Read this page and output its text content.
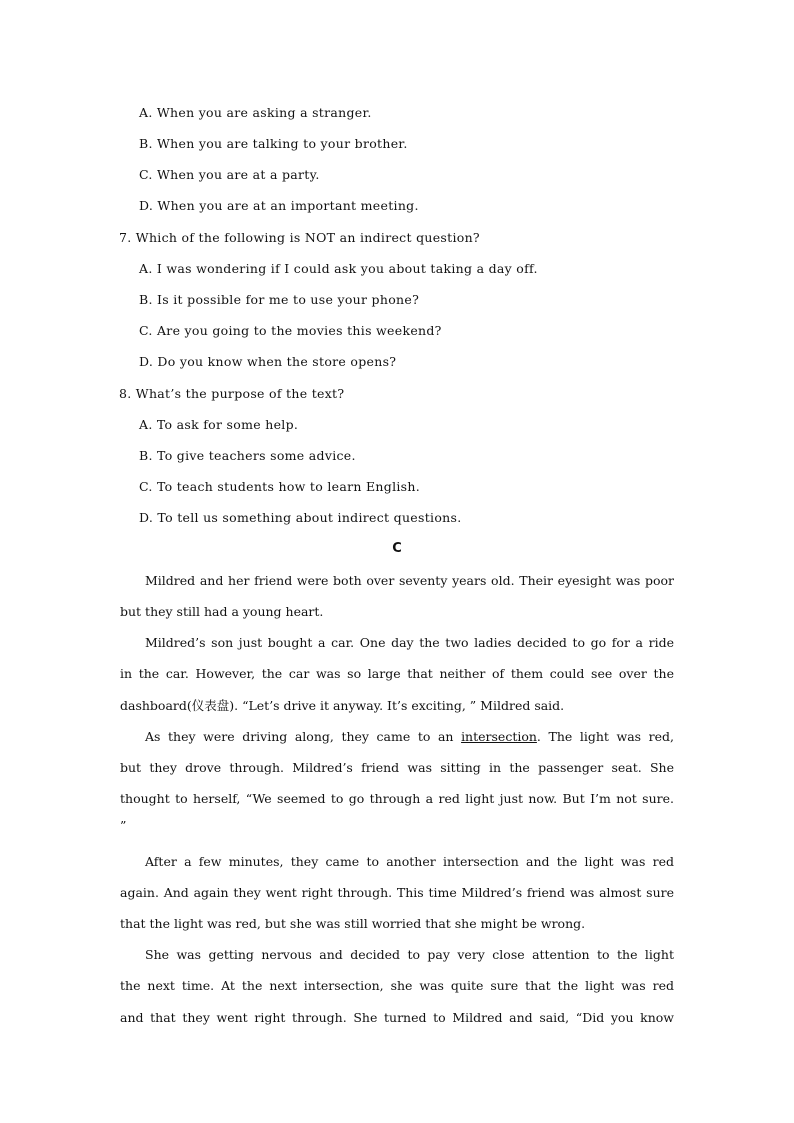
A. When you are asking a stranger.
B. When you are talking to your brother.
C. When you are at a party.
D. When you are at an important meeting.
7. Which of the following is NOT an indirect question?
A. I was wondering if I could ask you about taking a day off.
B. Is it possible for me to use your phone?
C. Are you going to the movies this weekend?
D. Do you know when the store opens?
8. What’s the purpose of the text?
A. To ask for some help.
B. To give teachers some advice.
C. To teach students how to learn English.
D. To tell us something about indirect questions.
C
Mildred and her friend were both over seventy years old. Their eyesight was poor
but they still had a young heart.
Mildred’s son just bought a car. One day the two ladies decided to go for a ride
in the car. However, the car was so large that neither of them could see over the
dashboard(仪表盘). “Let’s drive it anyway. It’s exciting, ” Mildred said.
As they were driving along, they came to an intersection. The light was red,
but they drove through. Mildred’s friend was sitting in the passenger seat. She
thought to herself, “We seemed to go through a red light just now. But I’m not sure.
”
After a few minutes, they came to another intersection and the light was red
again. And again they went right through. This time Mildred’s friend was almost sure
that the light was red, but she was still worried that she might be wrong.
She was getting nervous and decided to pay very close attention to the light
the next time. At the next intersection, she was quite sure that the light was red
and that they went right through. She turned to Mildred and said, “Did you know
